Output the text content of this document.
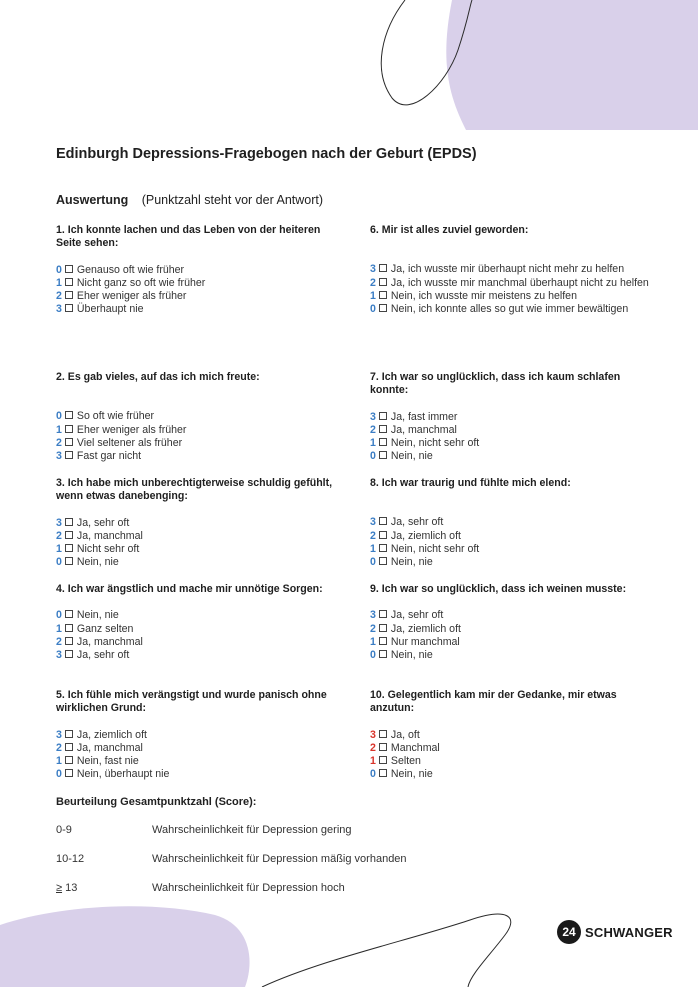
Edinburgh Depressions-Fragebogen nach der Geburt (EPDS)
Auswertung (Punktzahl steht vor der Antwort)
1. Ich konnte lachen und das Leben von der heiteren Seite sehen:
0 Genauso oft wie früher
1 Nicht ganz so oft wie früher
2 Eher weniger als früher
3 Überhaupt nie
2. Es gab vieles, auf das ich mich freute:
0 So oft wie früher
1 Eher weniger als früher
2 Viel seltener als früher
3 Fast gar nicht
3. Ich habe mich unberechtigterweise schuldig gefühlt, wenn etwas danebenging:
3 Ja, sehr oft
2 Ja, manchmal
1 Nicht sehr oft
0 Nein, nie
4. Ich war ängstlich und mache mir unnötige Sorgen:
0 Nein, nie
1 Ganz selten
2 Ja, manchmal
3 Ja, sehr oft
5. Ich fühle mich verängstigt und wurde panisch ohne wirklichen Grund:
3 Ja, ziemlich oft
2 Ja, manchmal
1 Nein, fast nie
0 Nein, überhaupt nie
6. Mir ist alles zuviel geworden:
3 Ja, ich wusste mir überhaupt nicht mehr zu helfen
2 Ja, ich wusste mir manchmal überhaupt nicht zu helfen
1 Nein, ich wusste mir meistens zu helfen
0 Nein, ich konnte alles so gut wie immer bewältigen
7. Ich war so unglücklich, dass ich kaum schlafen konnte:
3 Ja, fast immer
2 Ja, manchmal
1 Nein, nicht sehr oft
0 Nein, nie
8. Ich war traurig und fühlte mich elend:
3 Ja, sehr oft
2 Ja, ziemlich oft
1 Nein, nicht sehr oft
0 Nein, nie
9. Ich war so unglücklich, dass ich weinen musste:
3 Ja, sehr oft
2 Ja, ziemlich oft
1 Nur manchmal
0 Nein, nie
10. Gelegentlich kam mir der Gedanke, mir etwas anzutun:
3 Ja, oft
2 Manchmal
1 Selten
0 Nein, nie
Beurteilung Gesamtpunktzahl (Score):
0-9	Wahrscheinlichkeit für Depression gering
10-12	Wahrscheinlichkeit für Depression mäßig vorhanden
≥ 13	Wahrscheinlichkeit für Depression hoch
24 SCHWANGER
